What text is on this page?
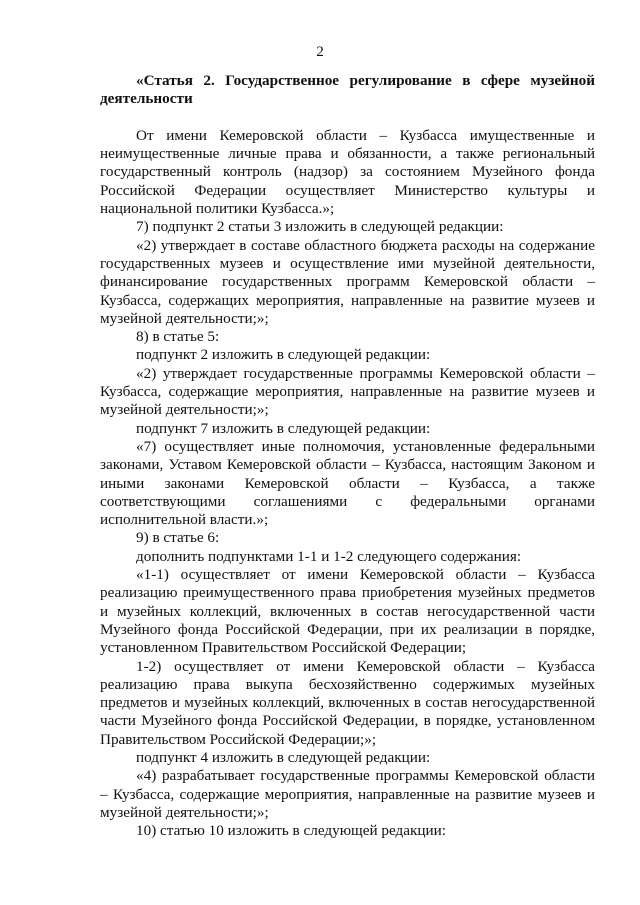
2

«Статья 2. Государственное регулирование в сфере музейной деятельности

От имени Кемеровской области – Кузбасса имущественные и неимущественные личные права и обязанности, а также региональный государственный контроль (надзор) за состоянием Музейного фонда Российской Федерации осуществляет Министерство культуры и национальной политики Кузбасса.»;

7) подпункт 2 статьи 3 изложить в следующей редакции:

«2) утверждает в составе областного бюджета расходы на содержание государственных музеев и осуществление ими музейной деятельности, финансирование государственных программ Кемеровской области – Кузбасса, содержащих мероприятия, направленные на развитие музеев и музейной деятельности;»;

8) в статье 5:

подпункт 2 изложить в следующей редакции:

«2) утверждает государственные программы Кемеровской области – Кузбасса, содержащие мероприятия, направленные на развитие музеев и музейной деятельности;»;

подпункт 7 изложить в следующей редакции:

«7) осуществляет иные полномочия, установленные федеральными законами, Уставом Кемеровской области – Кузбасса, настоящим Законом и иными законами Кемеровской области – Кузбасса, а также соответствующими соглашениями с федеральными органами исполнительной власти.»;

9) в статье 6:

дополнить подпунктами 1-1 и 1-2 следующего содержания:

«1-1) осуществляет от имени Кемеровской области – Кузбасса реализацию преимущественного права приобретения музейных предметов и музейных коллекций, включенных в состав негосударственной части Музейного фонда Российской Федерации, при их реализации в порядке, установленном Правительством Российской Федерации;

1-2) осуществляет от имени Кемеровской области – Кузбасса реализацию права выкупа бесхозяйственно содержимых музейных предметов и музейных коллекций, включенных в состав негосударственной части Музейного фонда Российской Федерации, в порядке, установленном Правительством Российской Федерации;»;

подпункт 4 изложить в следующей редакции:

«4) разрабатывает государственные программы Кемеровской области – Кузбасса, содержащие мероприятия, направленные на развитие музеев и музейной деятельности;»;

10) статью 10 изложить в следующей редакции:
